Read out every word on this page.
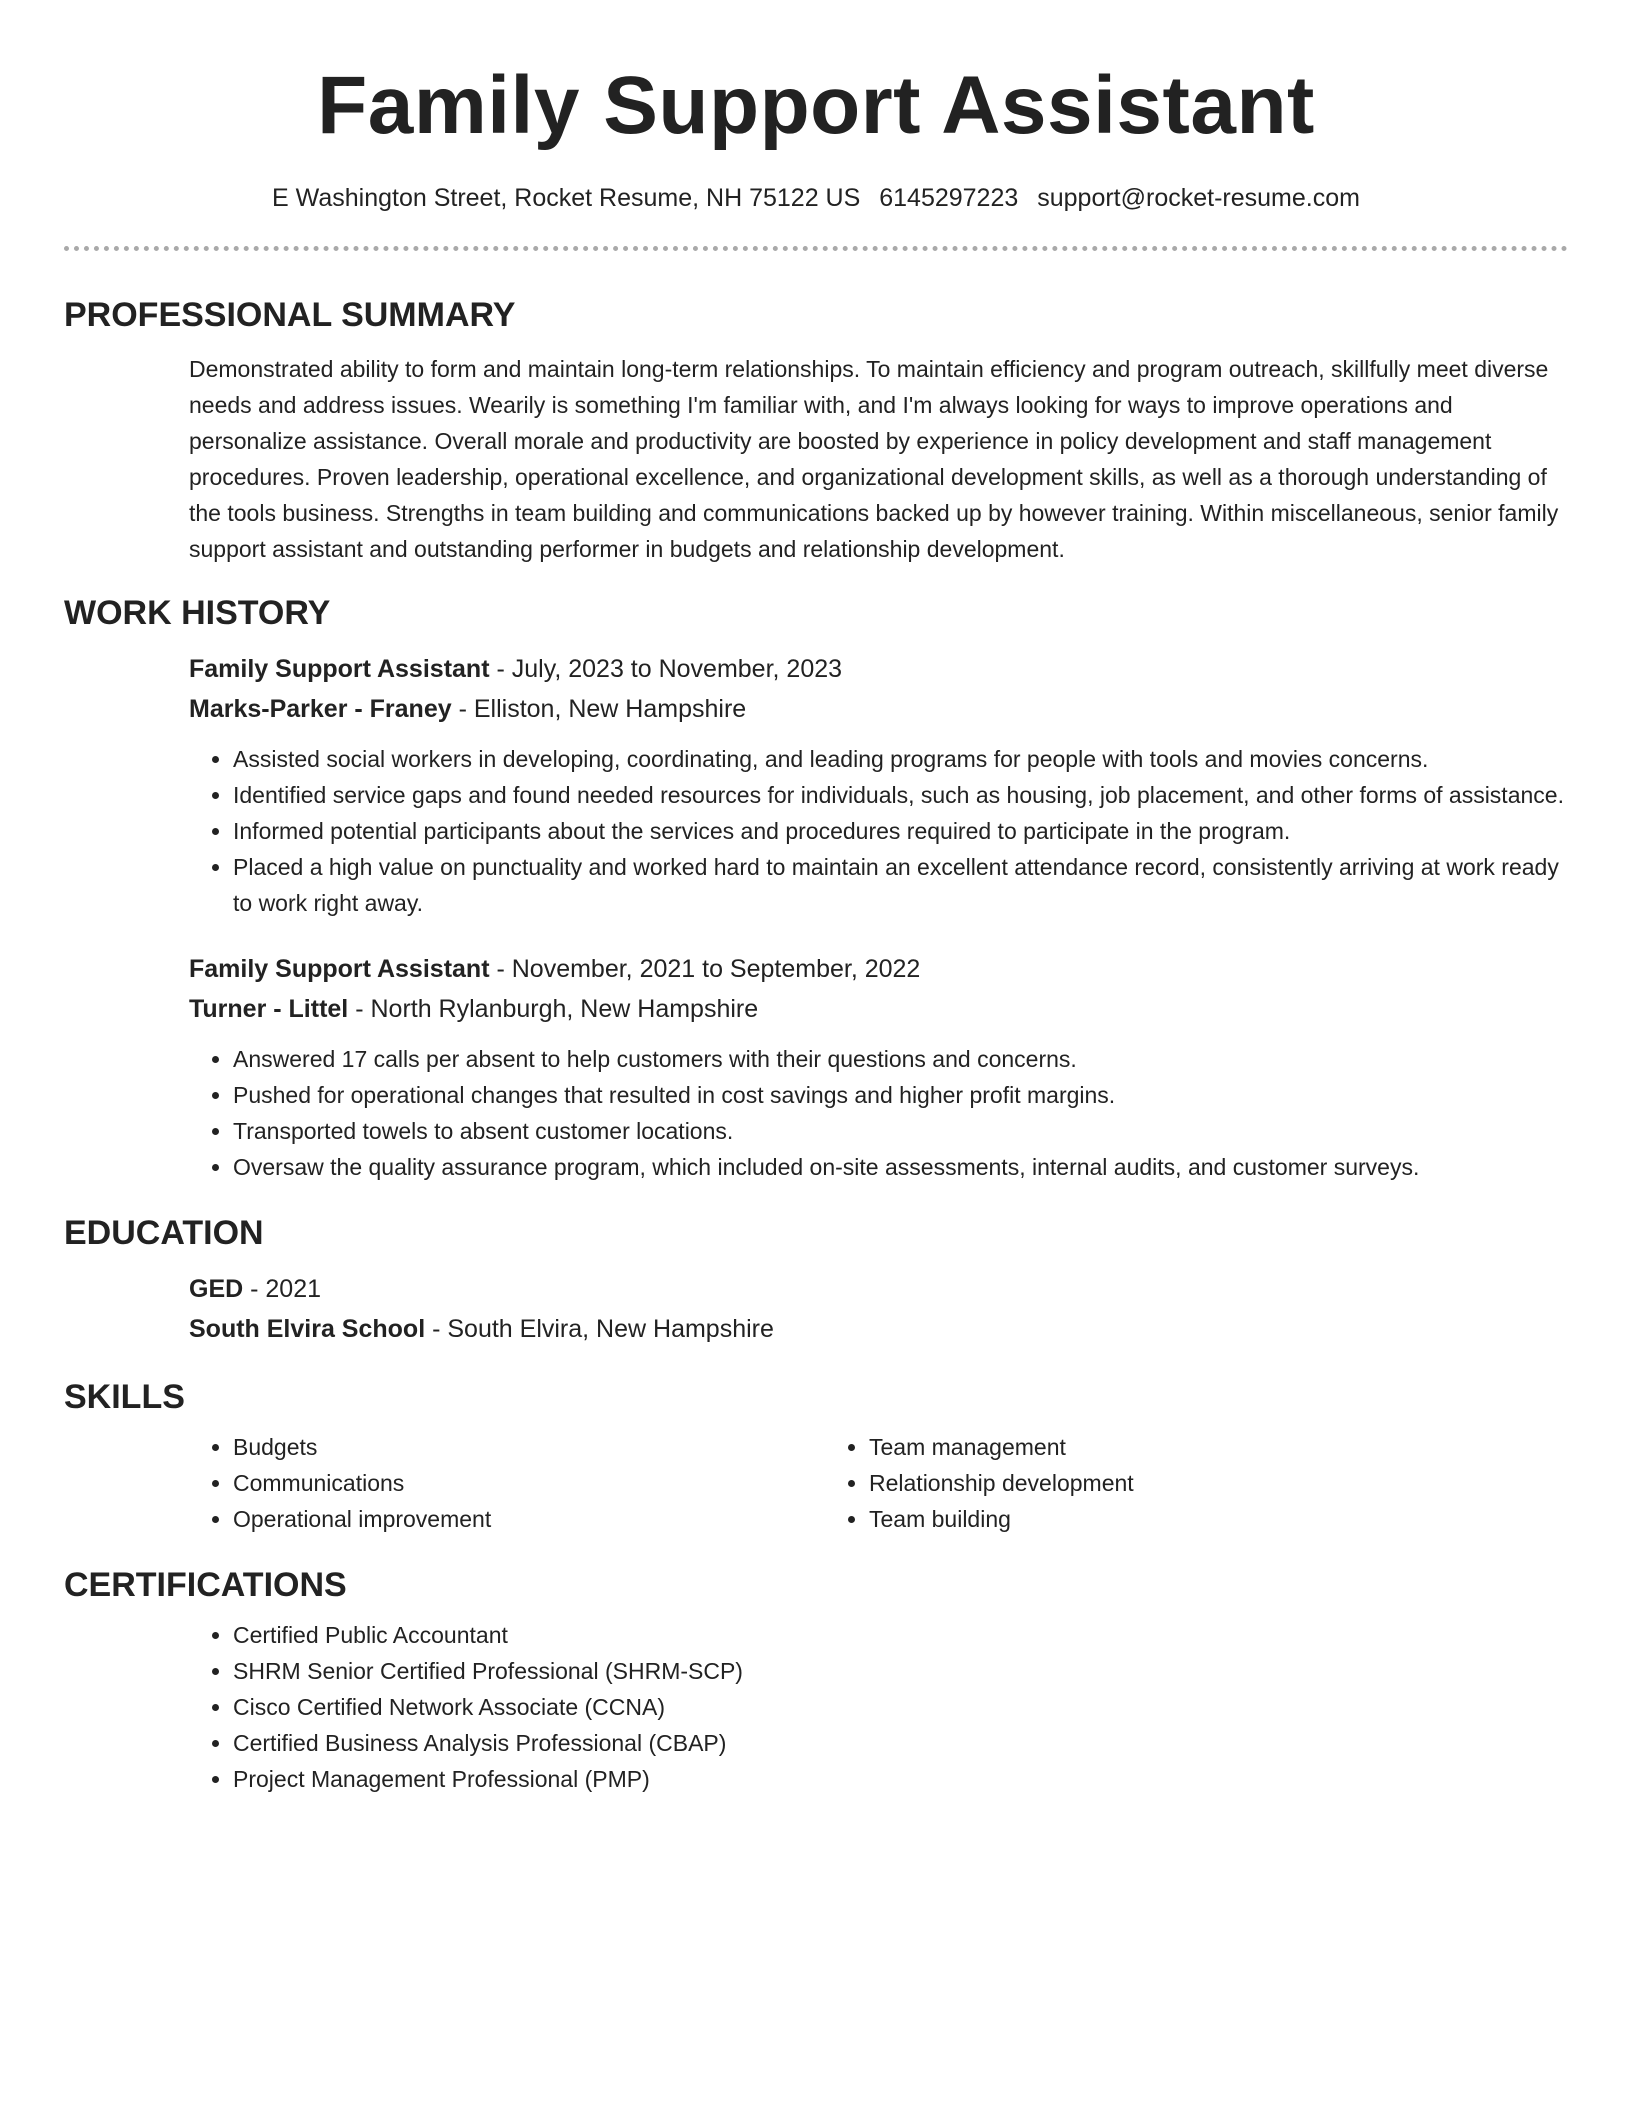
Family Support Assistant
E Washington Street, Rocket Resume, NH 75122 US 6145297223 support@rocket-resume.com
PROFESSIONAL SUMMARY

Demonstrated ability to form and maintain long-term relationships. To maintain efficiency and program outreach, skillfully meet diverse needs and address issues. Wearily is something I'm familiar with, and I'm always looking for ways to improve operations and personalize assistance. Overall morale and productivity are boosted by experience in policy development and staff management procedures. Proven leadership, operational excellence, and organizational development skills, as well as a thorough understanding of the tools business. Strengths in team building and communications backed up by however training. Within miscellaneous, senior family support assistant and outstanding performer in budgets and relationship development.

WORK HISTORY
Family Support Assistant - July, 2023 to November, 2023
Marks-Parker - Franey - Elliston, New Hampshire
• Assisted social workers in developing, coordinating, and leading programs for people with tools and movies concerns.
• Identified service gaps and found needed resources for individuals, such as housing, job placement, and other forms of assistance.
• Informed potential participants about the services and procedures required to participate in the program.
• Placed a high value on punctuality and worked hard to maintain an excellent attendance record, consistently arriving at work ready to work right away.
Family Support Assistant - November, 2021 to September, 2022
Turner - Littel - North Rylanburgh, New Hampshire
• Answered 17 calls per absent to help customers with their questions and concerns.
• Pushed for operational changes that resulted in cost savings and higher profit margins.
• Transported towels to absent customer locations.
• Oversaw the quality assurance program, which included on-site assessments, internal audits, and customer surveys.
EDUCATION
GED - 2021
South Elvira School - South Elvira, New Hampshire
SKILLS
• Budgets
• Communications
• Operational improvement
• Team management
• Relationship development
• Team building
CERTIFICATIONS
• Certified Public Accountant
• SHRM Senior Certified Professional (SHRM-SCP)
• Cisco Certified Network Associate (CCNA)
• Certified Business Analysis Professional (CBAP)
• Project Management Professional (PMP)
